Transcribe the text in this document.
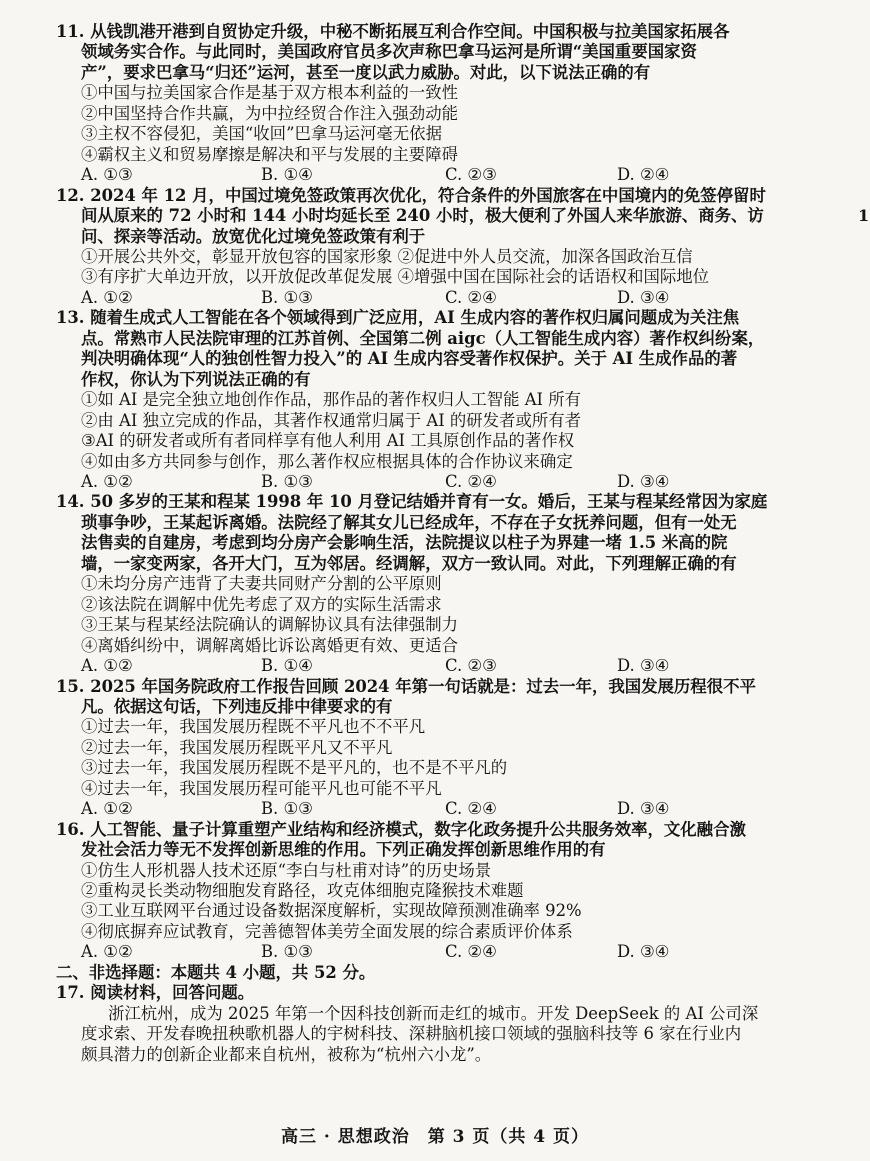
11. 从钱凯港开港到自贸协定升级，中秘不断拓展互利合作空间。中国积极与拉美国家拓展各
领域务实合作。与此同时，美国政府官员多次声称巴拿马运河是所谓“美国重要国家资
产”，要求巴拿马“归还”运河，甚至一度以武力威胁。对此，以下说法正确的有
①中国与拉美国家合作是基于双方根本利益的一致性
②中国坚持合作共赢，为中拉经贸合作注入强劲动能
③主权不容侵犯，美国“收回”巴拿马运河毫无依据
④霸权主义和贸易摩擦是解决和平与发展的主要障碍
A. ①③	B. ①④	C. ②③	D. ②④
12. 2024 年 12 月，中国过境免签政策再次优化，符合条件的外国旅客在中国境内的免签停留时
间从原来的 72 小时和 144 小时均延长至 240 小时，极大便利了外国人来华旅游、商务、访
问、探亲等活动。放宽优化过境免签政策有利于
①开展公共外交，彰显开放包容的国家形象 ②促进中外人员交流，加深各国政治互信
③有序扩大单边开放，以开放促改革促发展 ④增强中国在国际社会的话语权和国际地位
A. ①②	B. ①③	C. ②④	D. ③④
13. 随着生成式人工智能在各个领域得到广泛应用，AI 生成内容的著作权归属问题成为关注焦
点。常熟市人民法院审理的江苏首例、全国第二例 aigc（人工智能生成内容）著作权纠纷案，
判决明确体现“人的独创性智力投入”的 AI 生成内容受著作权保护。关于 AI 生成作品的著
作权，你认为下列说法正确的有
①如 AI 是完全独立地创作作品，那作品的著作权归人工智能 AI 所有
②由 AI 独立完成的作品，其著作权通常归属于 AI 的研发者或所有者
③AI 的研发者或所有者同样享有他人利用 AI 工具原创作品的著作权
④如由多方共同参与创作，那么著作权应根据具体的合作协议来确定
A. ①②	B. ①③	C. ②④	D. ③④
14. 50 多岁的王某和程某 1998 年 10 月登记结婚并育有一女。婚后，王某与程某经常因为家庭
琐事争吵，王某起诉离婚。法院经了解其女儿已经成年，不存在子女抚养问题，但有一处无
法售卖的自建房，考虑到均分房产会影响生活，法院提议以柱子为界建一堵 1.5 米高的院
墙，一家变两家，各开大门，互为邻居。经调解，双方一致认同。对此，下列理解正确的有
①未均分房产违背了夫妻共同财产分割的公平原则
②该法院在调解中优先考虑了双方的实际生活需求
③王某与程某经法院确认的调解协议具有法律强制力
④离婚纠纷中，调解离婚比诉讼离婚更有效、更适合
A. ①②	B. ①④	C. ②③	D. ③④
15. 2025 年国务院政府工作报告回顾 2024 年第一句话就是：过去一年，我国发展历程很不平
凡。依据这句话，下列违反排中律要求的有
①过去一年，我国发展历程既不平凡也不不平凡
②过去一年，我国发展历程既平凡又不平凡
③过去一年，我国发展历程既不是平凡的，也不是不平凡的
④过去一年，我国发展历程可能平凡也可能不平凡
A. ①②	B. ①③	C. ②④	D. ③④
16. 人工智能、量子计算重塑产业结构和经济模式，数字化政务提升公共服务效率，文化融合激
发社会活力等无不发挥创新思维的作用。下列正确发挥创新思维作用的有
①仿生人形机器人技术还原“李白与杜甫对诗”的历史场景
②重构灵长类动物细胞发育路径，攻克体细胞克隆猴技术难题
③工业互联网平台通过设备数据深度解析，实现故障预测准确率 92%
④彻底摒弃应试教育，完善德智体美劳全面发展的综合素质评价体系
A. ①②	B. ①③	C. ②④	D. ③④
二、非选择题：本题共 4 小题，共 52 分。
17. 阅读材料，回答问题。
浙江杭州，成为 2025 年第一个因科技创新而走红的城市。开发 DeepSeek 的 AI 公司深
度求索、开发春晚扭秧歌机器人的宇树科技、深耕脑机接口领域的强脑科技等 6 家在行业内
颇具潜力的创新企业都来自杭州，被称为“杭州六小龙”。
1
高三 · 思想政治　第 3 页（共 4 页）
